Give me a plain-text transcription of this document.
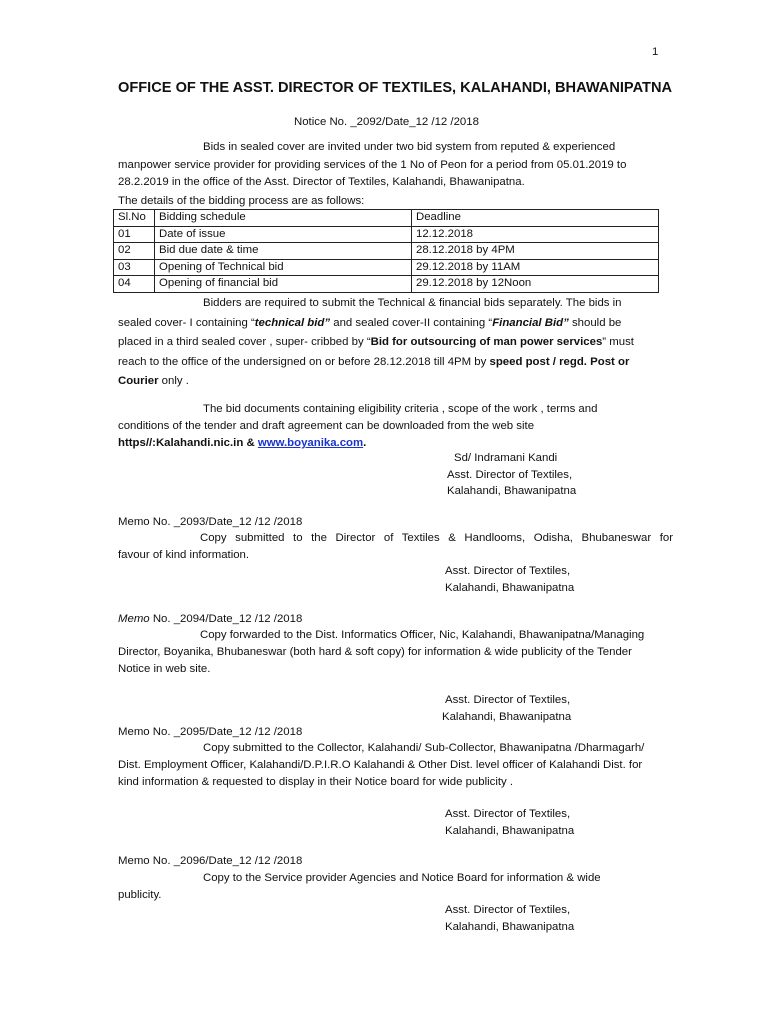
1
OFFICE OF THE ASST. DIRECTOR OF TEXTILES, KALAHANDI, BHAWANIPATNA
Notice No. _2092/Date_12 /12 /2018
Bids in sealed cover are invited under two bid system from reputed & experienced
manpower service provider for providing services of the 1 No of Peon for a period from 05.01.2019 to
28.2.2019 in the office of the Asst. Director of Textiles, Kalahandi, Bhawanipatna.
The details of the bidding process are as follows:
Sl.No	Bidding schedule	Deadline
01	Date of issue	12.12.2018
02	Bid due date & time	28.12.2018 by 4PM
03	Opening of Technical bid	29.12.2018 by 11AM
04	Opening of financial bid	29.12.2018 by 12Noon
Bidders are required to submit the Technical & financial bids separately. The bids in
sealed cover- I containing “technical bid” and sealed cover-II containing “Financial Bid” should be
placed in a third sealed cover , super- cribbed by “Bid for outsourcing of man power services” must
reach to the office of the undersigned on or before 28.12.2018 till 4PM by speed post / regd. Post or
Courier only .
The bid documents containing eligibility criteria , scope of the work , terms and
conditions of the tender and draft agreement can be downloaded from the web site
https//:Kalahandi.nic.in & www.boyanika.com.
Sd/ Indramani Kandi
Asst. Director of Textiles,
Kalahandi, Bhawanipatna
Memo No. _2093/Date_12 /12 /2018
Copy submitted to the Director of Textiles & Handlooms, Odisha, Bhubaneswar for
favour of kind information.
Asst. Director of Textiles,
Kalahandi, Bhawanipatna
Memo No. _2094/Date_12 /12 /2018
Copy forwarded to the Dist. Informatics Officer, Nic, Kalahandi, Bhawanipatna/Managing
Director, Boyanika, Bhubaneswar (both hard & soft copy) for information & wide publicity of the Tender
Notice in web site.
Asst. Director of Textiles,
Kalahandi, Bhawanipatna
Memo No. _2095/Date_12 /12 /2018
Copy submitted to the Collector, Kalahandi/ Sub-Collector, Bhawanipatna /Dharmagarh/
Dist. Employment Officer, Kalahandi/D.P.I.R.O Kalahandi & Other Dist. level officer of Kalahandi Dist. for
kind information & requested to display in their Notice board for wide publicity .
Asst. Director of Textiles,
Kalahandi, Bhawanipatna
Memo No. _2096/Date_12 /12 /2018
Copy to the Service provider Agencies and Notice Board for information & wide
publicity.
Asst. Director of Textiles,
Kalahandi, Bhawanipatna
